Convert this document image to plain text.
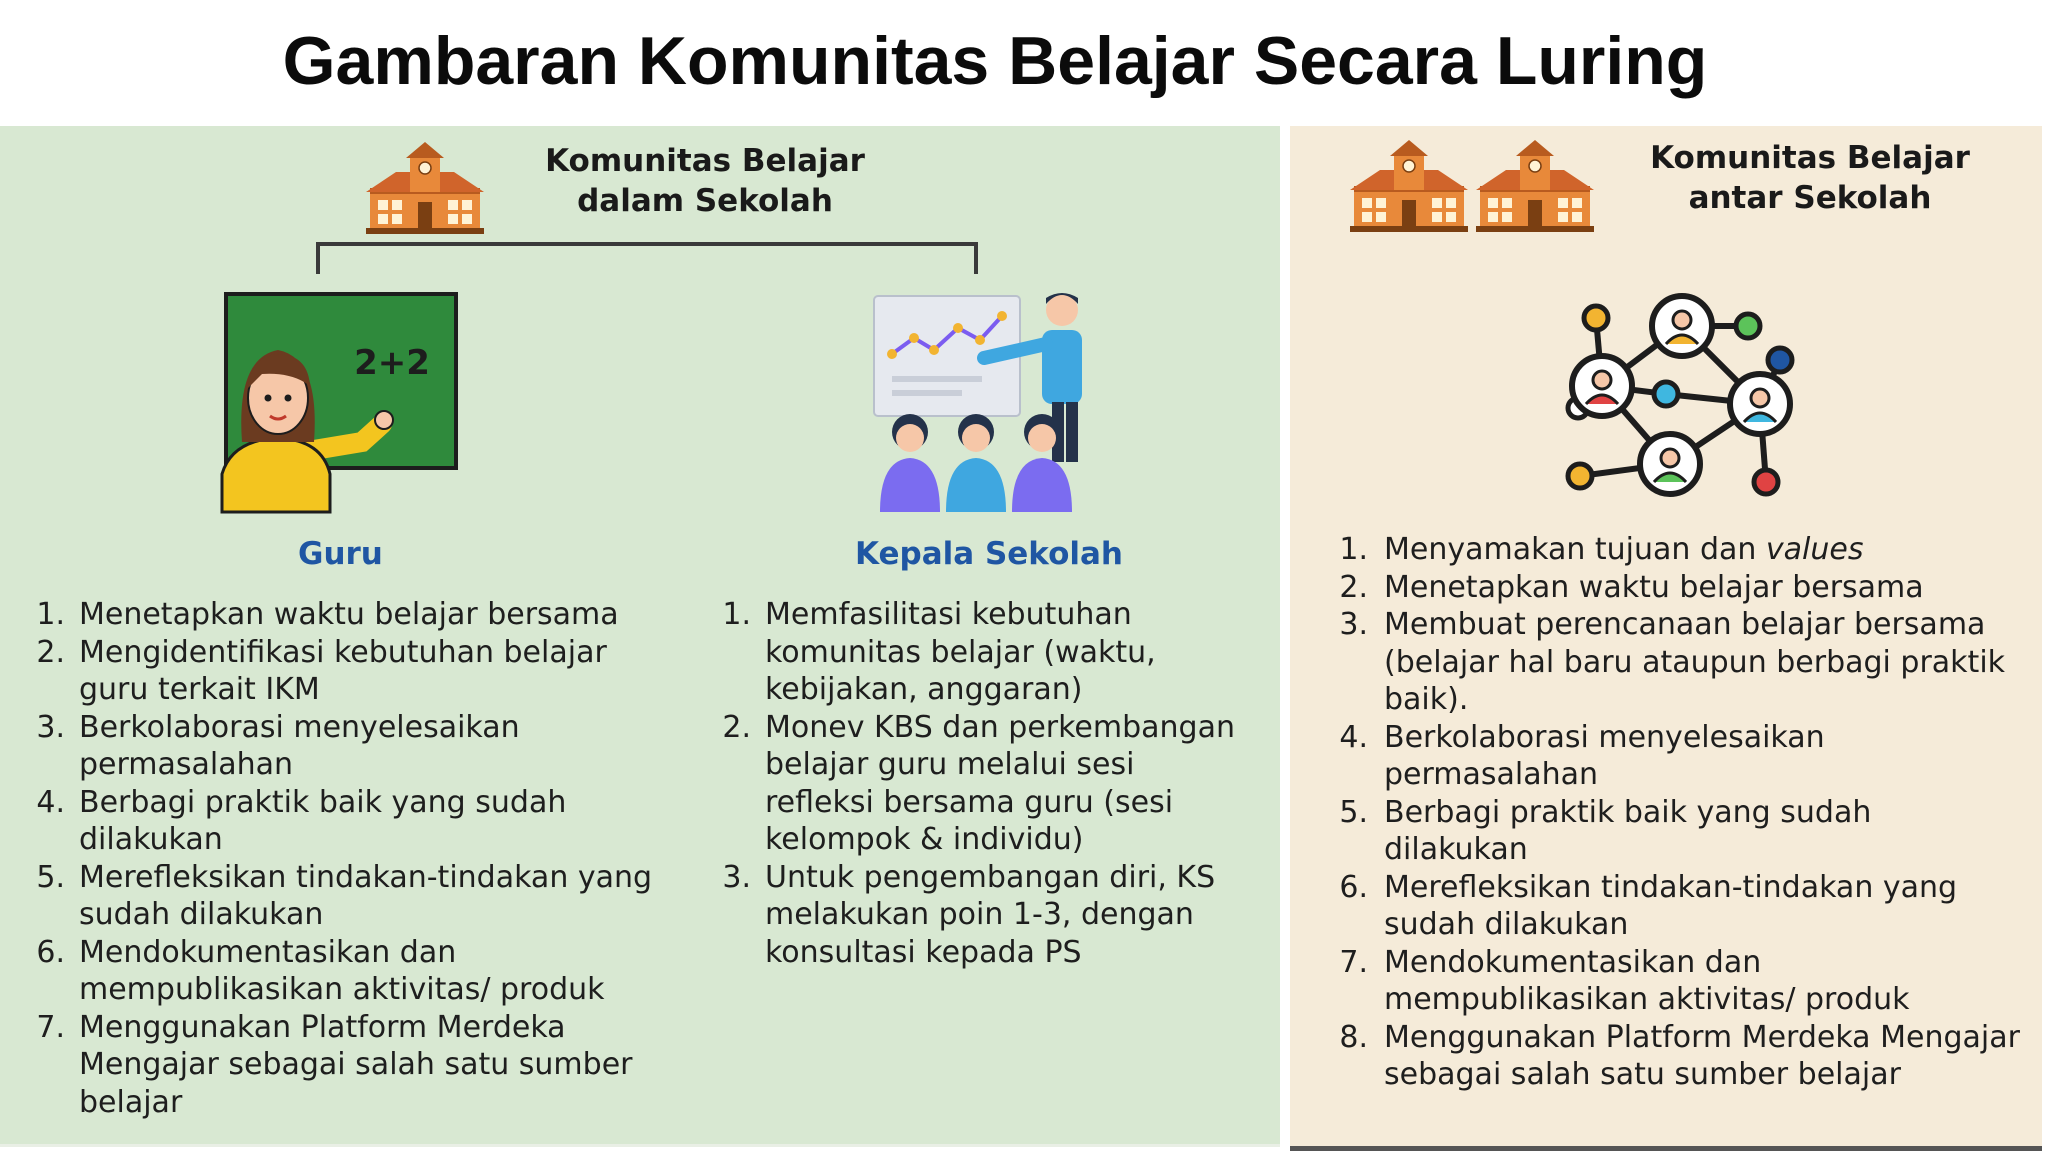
Gambaran Komunitas Belajar Secara Luring
Komunitas Belajar
dalam Sekolah
2+2
Guru	Kepala Sekolah
1. Menetapkan waktu belajar bersama
2. Mengidentifikasi kebutuhan belajar guru terkait IKM
3. Berkolaborasi menyelesaikan permasalahan
4. Berbagi praktik baik yang sudah dilakukan
5. Merefleksikan tindakan-tindakan yang sudah dilakukan
6. Mendokumentasikan dan mempublikasikan aktivitas/ produk
7. Menggunakan Platform Merdeka Mengajar sebagai salah satu sumber belajar
1. Memfasilitasi kebutuhan komunitas belajar (waktu, kebijakan, anggaran)
2. Monev KBS dan perkembangan belajar guru melalui sesi refleksi bersama guru (sesi kelompok & individu)
3. Untuk pengembangan diri, KS melakukan poin 1-3, dengan konsultasi kepada PS
Komunitas Belajar
antar Sekolah
1. Menyamakan tujuan dan values
2. Menetapkan waktu belajar bersama
3. Membuat perencanaan belajar bersama (belajar hal baru ataupun berbagi praktik baik).
4. Berkolaborasi menyelesaikan permasalahan
5. Berbagi praktik baik yang sudah dilakukan
6. Merefleksikan tindakan-tindakan yang sudah dilakukan
7. Mendokumentasikan dan mempublikasikan aktivitas/ produk
8. Menggunakan Platform Merdeka Mengajar sebagai salah satu sumber belajar
